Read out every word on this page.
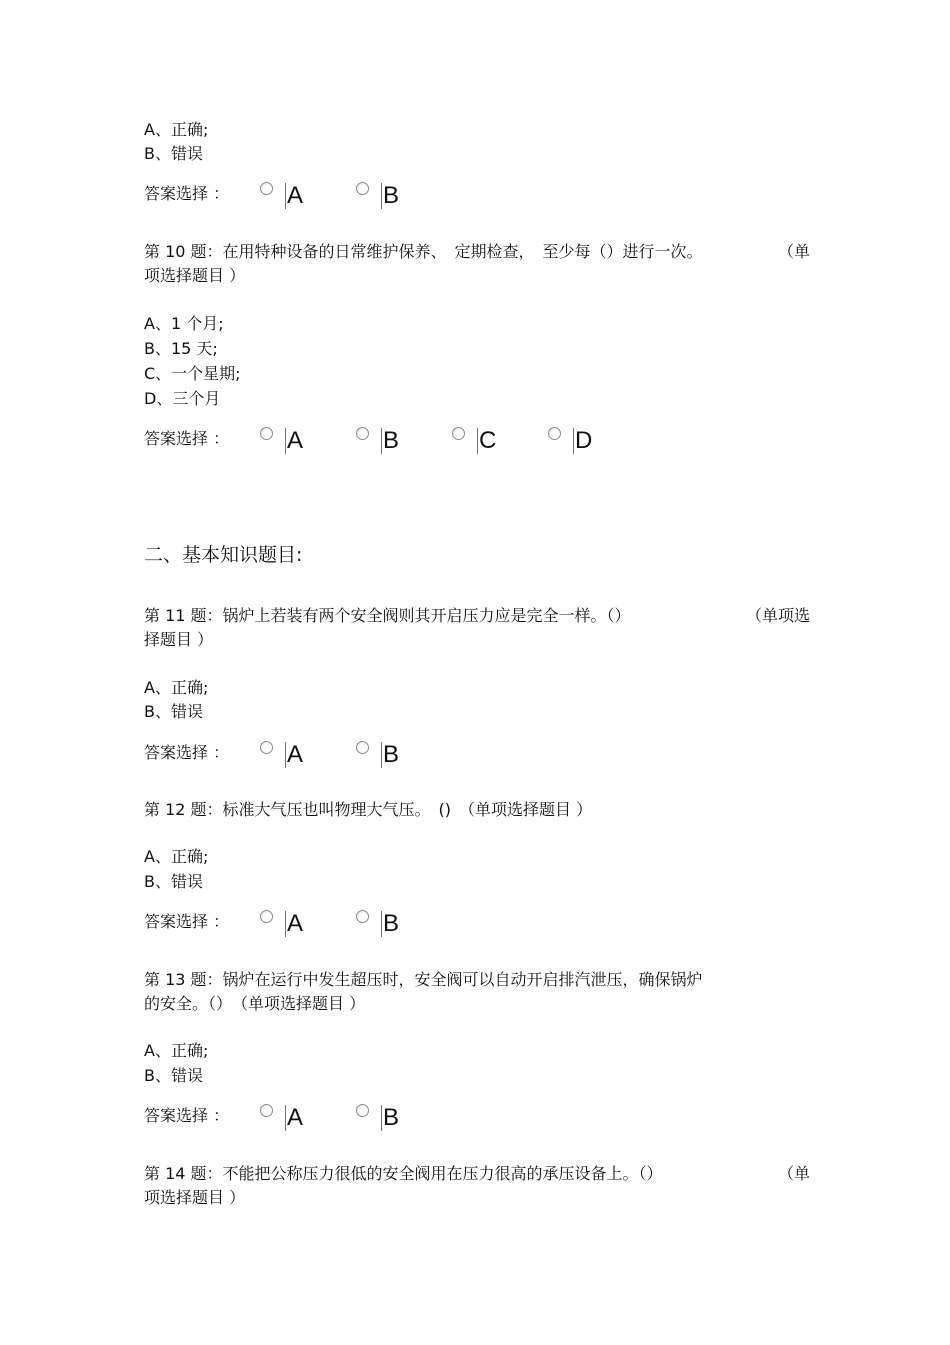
A、正确;
B、错误
答案选择 ：	A	B
第 10 题：在用特种设备的日常维护保养、　定期检查，　至少每（）进行一次。	（单
项选择题目 ）
A、1 个月;
B、15 天;
C、一个星期;
D、三个月
答案选择 ：	A	B	C	D
二、基本知识题目:
第 11 题：锅炉上若装有两个安全阀则其开启压力应是完全一样。（）	（单项选
择题目 ）
A、正确;
B、错误
答案选择 ：	A	B
第 12 题：标准大气压也叫物理大气压。　()　（单项选择题目 ）
A、正确;
B、错误
答案选择 ：	A	B
第 13 题：锅炉在运行中发生超压时，安全阀可以自动开启排汽泄压，确保锅炉
的安全。（）　（单项选择题目 ）
A、正确;
B、错误
答案选择 ：	A	B
第 14 题：不能把公称压力很低的安全阀用在压力很高的承压设备上。（）	（单
项选择题目 ）
